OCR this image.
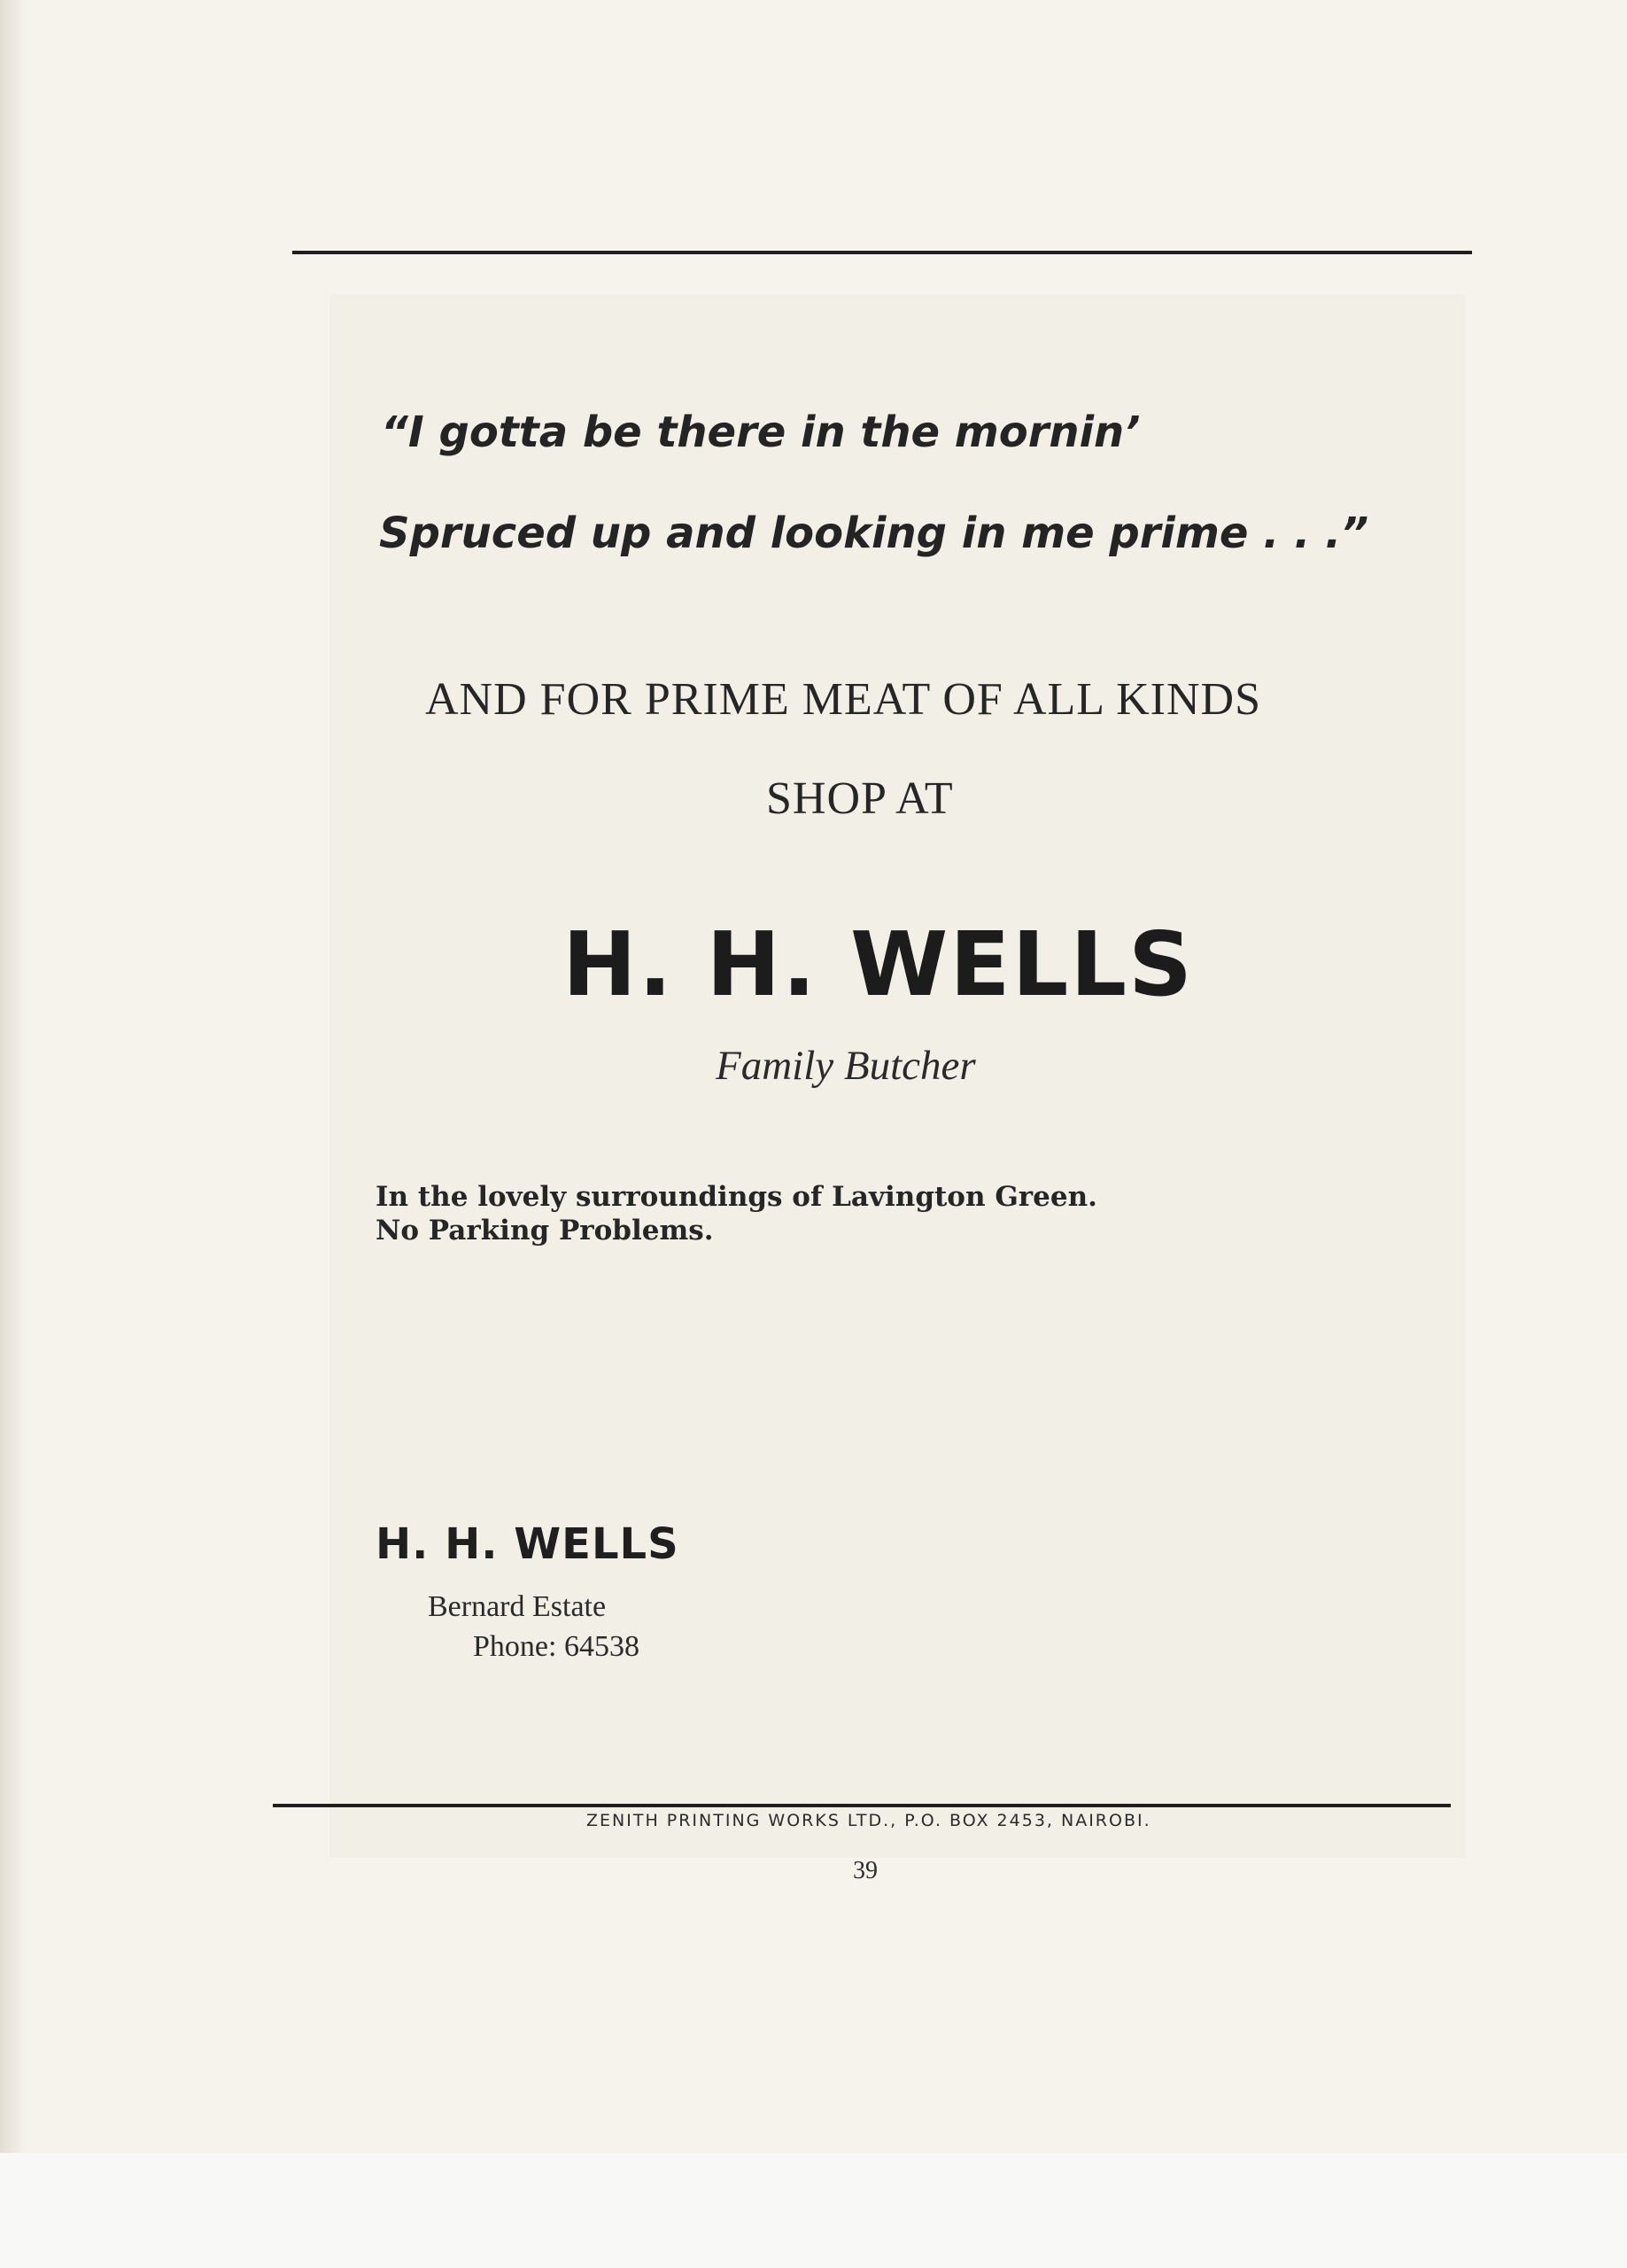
“I gotta be there in the mornin’

Spruced up and looking in me prime . . .”

AND FOR PRIME MEAT OF ALL KINDS

SHOP AT

H. H. WELLS

Family Butcher

In the lovely surroundings of Lavington Green.

No Parking Problems.

H. H. WELLS

Bernard Estate

Phone: 64538

ZENITH PRINTING WORKS LTD., P.O. BOX 2453, NAIROBI.

39
